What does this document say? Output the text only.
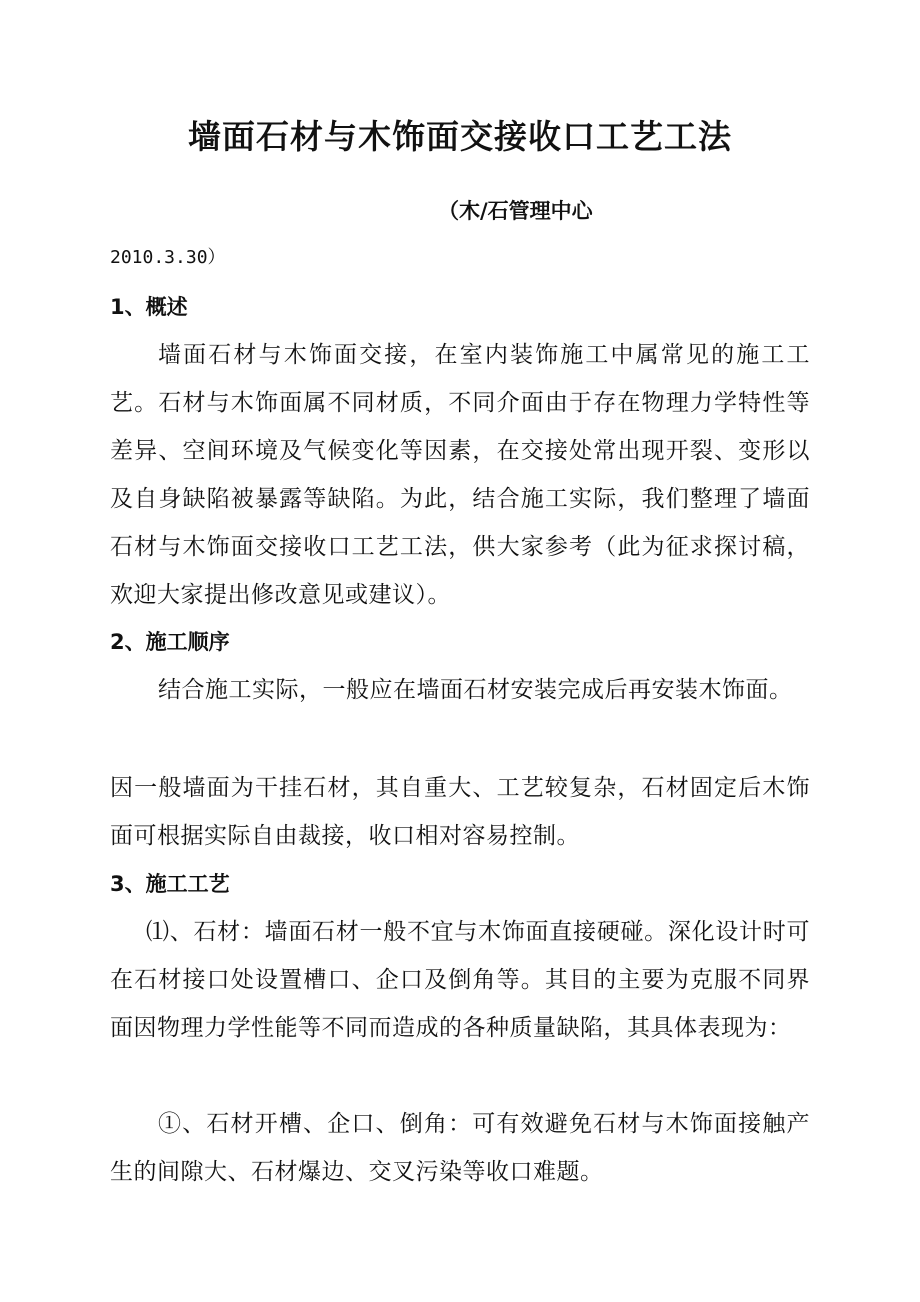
墙面石材与木饰面交接收口工艺工法
（木/石管理中心
2010.3.30）
1、概述
墙面石材与木饰面交接，在室内装饰施工中属常见的施工工艺。石材与木饰面属不同材质，不同介面由于存在物理力学特性等差异、空间环境及气候变化等因素，在交接处常出现开裂、变形以及自身缺陷被暴露等缺陷。为此，结合施工实际，我们整理了墙面石材与木饰面交接收口工艺工法，供大家参考（此为征求探讨稿，欢迎大家提出修改意见或建议）。
2、施工顺序
结合施工实际，一般应在墙面石材安装完成后再安装木饰面。
因一般墙面为干挂石材，其自重大、工艺较复杂，石材固定后木饰面可根据实际自由裁接，收口相对容易控制。
3、施工工艺
⑴、石材：墙面石材一般不宜与木饰面直接硬碰。深化设计时可在石材接口处设置槽口、企口及倒角等。其目的主要为克服不同界面因物理力学性能等不同而造成的各种质量缺陷，其具体表现为：
①、石材开槽、企口、倒角：可有效避免石材与木饰面接触产生的间隙大、石材爆边、交叉污染等收口难题。
